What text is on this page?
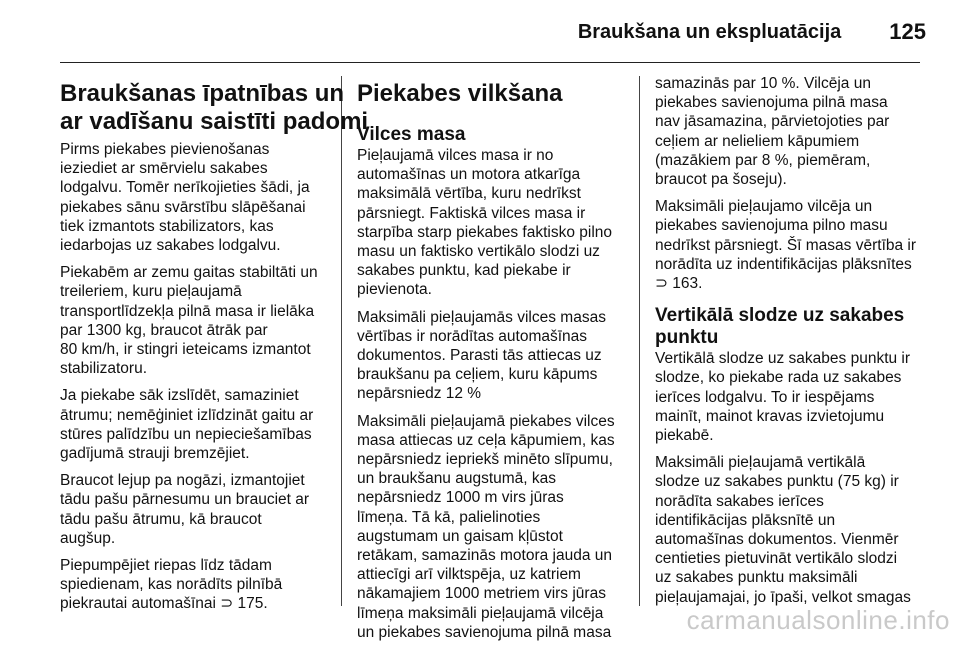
Braukšana un ekspluatācija 125
Braukšanas īpatnības un
ar vadīšanu saistīti padomi

Pirms piekabes pievienošanas
ieziediet ar smērvielu sakabes
lodgalvu. Tomēr nerīkojieties šādi, ja
piekabes sānu svārstību slāpēšanai
tiek izmantots stabilizators, kas
iedarbojas uz sakabes lodgalvu.

Piekabēm ar zemu gaitas stabiltāti un
treileriem, kuru pieļaujamā
transportlīdzekļa pilnā masa ir lielāka
par 1300 kg, braucot ātrāk par
80 km/h, ir stingri ieteicams izmantot
stabilizatoru.

Ja piekabe sāk izslīdēt, samaziniet
ātrumu; nemēģiniet izlīdzināt gaitu ar
stūres palīdzību un nepieciešamības
gadījumā strauji bremzējiet.

Braucot lejup pa nogāzi, izmantojiet
tādu pašu pārnesumu un brauciet ar
tādu pašu ātrumu, kā braucot
augšup.

Piepumpējiet riepas līdz tādam
spiedienam, kas norādīts pilnībā
piekrautai automašīnai ⊃ 175.

Piekabes vilkšana
Vilces masa

Pieļaujamā vilces masa ir no
automašīnas un motora atkarīga
maksimālā vērtība, kuru nedrīkst
pārsniegt. Faktiskā vilces masa ir
starpība starp piekabes faktisko pilno
masu un faktisko vertikālo slodzi uz
sakabes punktu, kad piekabe ir
pievienota.

Maksimāli pieļaujamās vilces masas
vērtības ir norādītas automašīnas
dokumentos. Parasti tās attiecas uz
braukšanu pa ceļiem, kuru kāpums
nepārsniedz 12 %

Maksimāli pieļaujamā piekabes vilces
masa attiecas uz ceļa kāpumiem, kas
nepārsniedz iepriekš minēto slīpumu,
un braukšanu augstumā, kas
nepārsniedz 1000 m virs jūras
līmeņa. Tā kā, palielinoties
augstumam un gaisam kļūstot
retākam, samazinās motora jauda un
attiecīgi arī vilktspēja, uz katriem
nākamajiem 1000 metriem virs jūras
līmeņa maksimāli pieļaujamā vilcēja
un piekabes savienojuma pilnā masa

samazinās par 10 %. Vilcēja un
piekabes savienojuma pilnā masa
nav jāsamazina, pārvietojoties par
ceļiem ar nelieliem kāpumiem
(mazākiem par 8 %, piemēram,
braucot pa šoseju).

Maksimāli pieļaujamo vilcēja un
piekabes savienojuma pilno masu
nedrīkst pārsniegt. Šī masas vērtība ir
norādīta uz indentifikācijas plāksnītes
⊃ 163.

Vertikālā slodze uz sakabes
punktu

Vertikālā slodze uz sakabes punktu ir
slodze, ko piekabe rada uz sakabes
ierīces lodgalvu. To ir iespējams
mainīt, mainot kravas izvietojumu
piekabē.

Maksimāli pieļaujamā vertikālā
slodze uz sakabes punktu (75 kg) ir
norādīta sakabes ierīces
identifikācijas plāksnītē un
automašīnas dokumentos. Vienmēr
centieties pietuvināt vertikālo slodzi
uz sakabes punktu maksimāli
pieļaujamajai, jo īpaši, velkot smagas

carmanualsonline.info
